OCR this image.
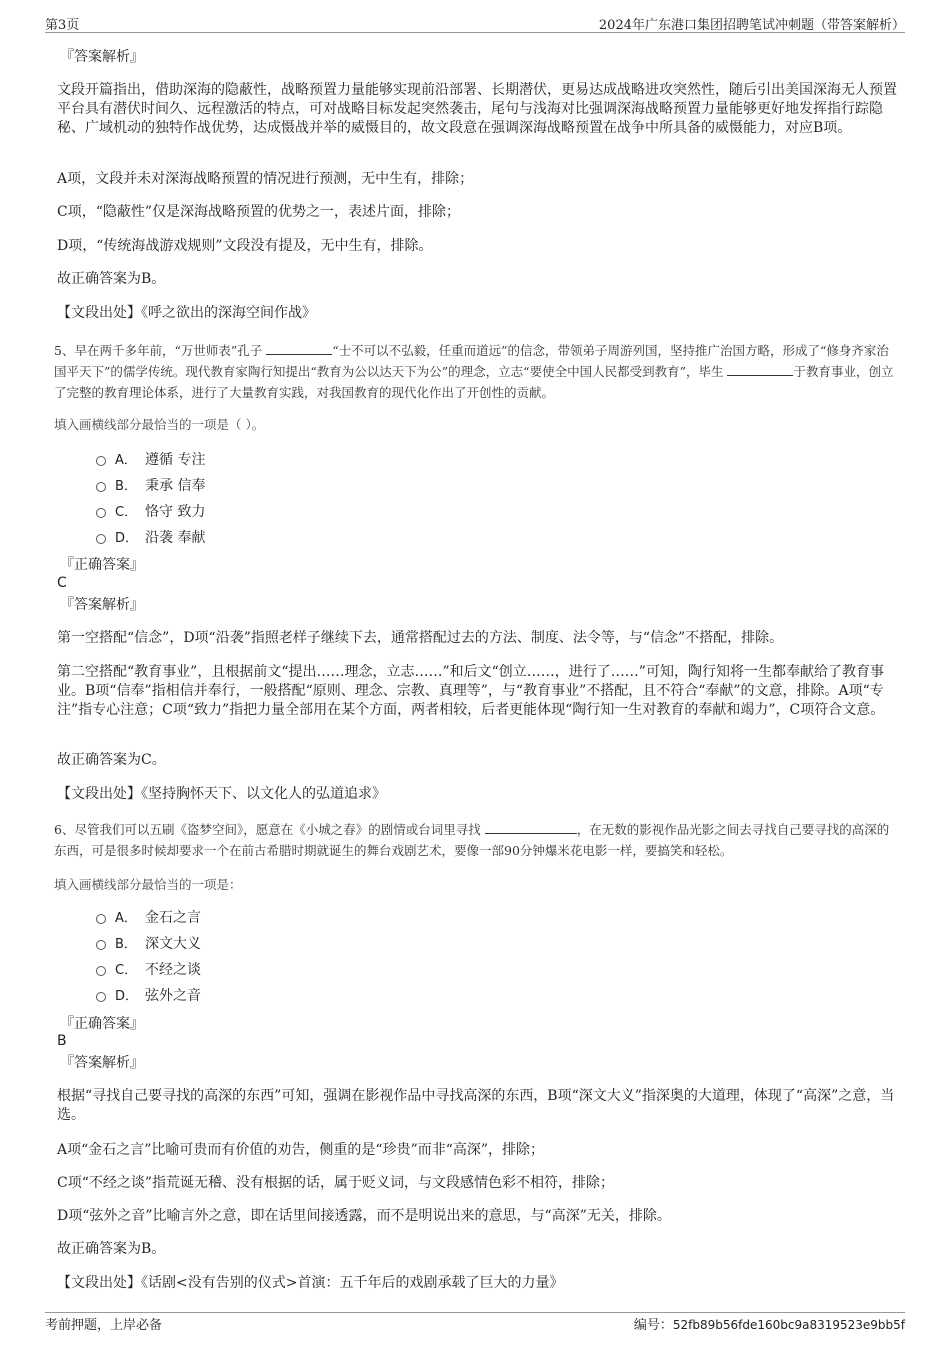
第3页	2024年广东港口集团招聘笔试冲刺题（带答案解析）
『答案解析』
文段开篇指出，借助深海的隐蔽性，战略预置力量能够实现前沿部署、长期潜伏，更易达成战略进攻突然性，随后引出美国深海无人预置平台具有潜伏时间久、远程激活的特点，可对战略目标发起突然袭击，尾句与浅海对比强调深海战略预置力量能够更好地发挥指行踪隐秘、广域机动的独特作战优势，达成慑战并举的威慑目的，故文段意在强调深海战略预置在战争中所具备的威慑能力，对应B项。
A项，文段并未对深海战略预置的情况进行预测，无中生有，排除；
C项，“隐蔽性”仅是深海战略预置的优势之一，表述片面，排除；
D项，“传统海战游戏规则”文段没有提及，无中生有，排除。
故正确答案为B。
【文段出处】《呼之欲出的深海空间作战》
5、早在两千多年前，“万世师表”孔子	“士不可以不弘毅，任重而道远”的信念，带领弟子周游列国，坚持推广治国方略，形成了“修身齐家治国平天下”的儒学传统。现代教育家陶行知提出“教育为公以达天下为公”的理念，立志“要使全中国人民都受到教育”，毕生	于教育事业，创立了完整的教育理论体系，进行了大量教育实践，对我国教育的现代化作出了开创性的贡献。
填入画横线部分最恰当的一项是（ ）。
A． 遵循 专注
B． 秉承 信奉
C． 恪守 致力
D． 沿袭 奉献
『正确答案』
C
『答案解析』
第一空搭配“信念”，D项“沿袭”指照老样子继续下去，通常搭配过去的方法、制度、法令等，与“信念”不搭配，排除。
第二空搭配“教育事业”，且根据前文“提出……理念，立志……”和后文“创立……，进行了……”可知，陶行知将一生都奉献给了教育事业。B项“信奉”指相信并奉行，一般搭配“原则、理念、宗教、真理等”，与“教育事业”不搭配，且不符合“奉献”的文意，排除。A项“专注”指专心注意；C项“致力”指把力量全部用在某个方面，两者相较，后者更能体现“陶行知一生对教育的奉献和竭力”，C项符合文意。
故正确答案为C。
【文段出处】《坚持胸怀天下、以文化人的弘道追求》
6、尽管我们可以五刷《盗梦空间》，愿意在《小城之春》的剧情或台词里寻找	，在无数的影视作品光影之间去寻找自己要寻找的高深的东西，可是很多时候却要求一个在前古希腊时期就诞生的舞台戏剧艺术，要像一部90分钟爆米花电影一样，要搞笑和轻松。
填入画横线部分最恰当的一项是：
A． 金石之言
B． 深文大义
C． 不经之谈
D． 弦外之音
『正确答案』
B
『答案解析』
根据“寻找自己要寻找的高深的东西”可知，强调在影视作品中寻找高深的东西，B项“深文大义”指深奥的大道理，体现了“高深”之意，当选。
A项“金石之言”比喻可贵而有价值的劝告，侧重的是“珍贵”而非“高深”，排除；
C项“不经之谈”指荒诞无稽、没有根据的话，属于贬义词，与文段感情色彩不相符，排除；
D项“弦外之音”比喻言外之意，即在话里间接透露，而不是明说出来的意思，与“高深”无关，排除。
故正确答案为B。
【文段出处】《话剧<没有告别的仪式>首演：五千年后的戏剧承载了巨大的力量》
考前押题，上岸必备	编号：52fb89b56fde160bc9a8319523e9bb5f
